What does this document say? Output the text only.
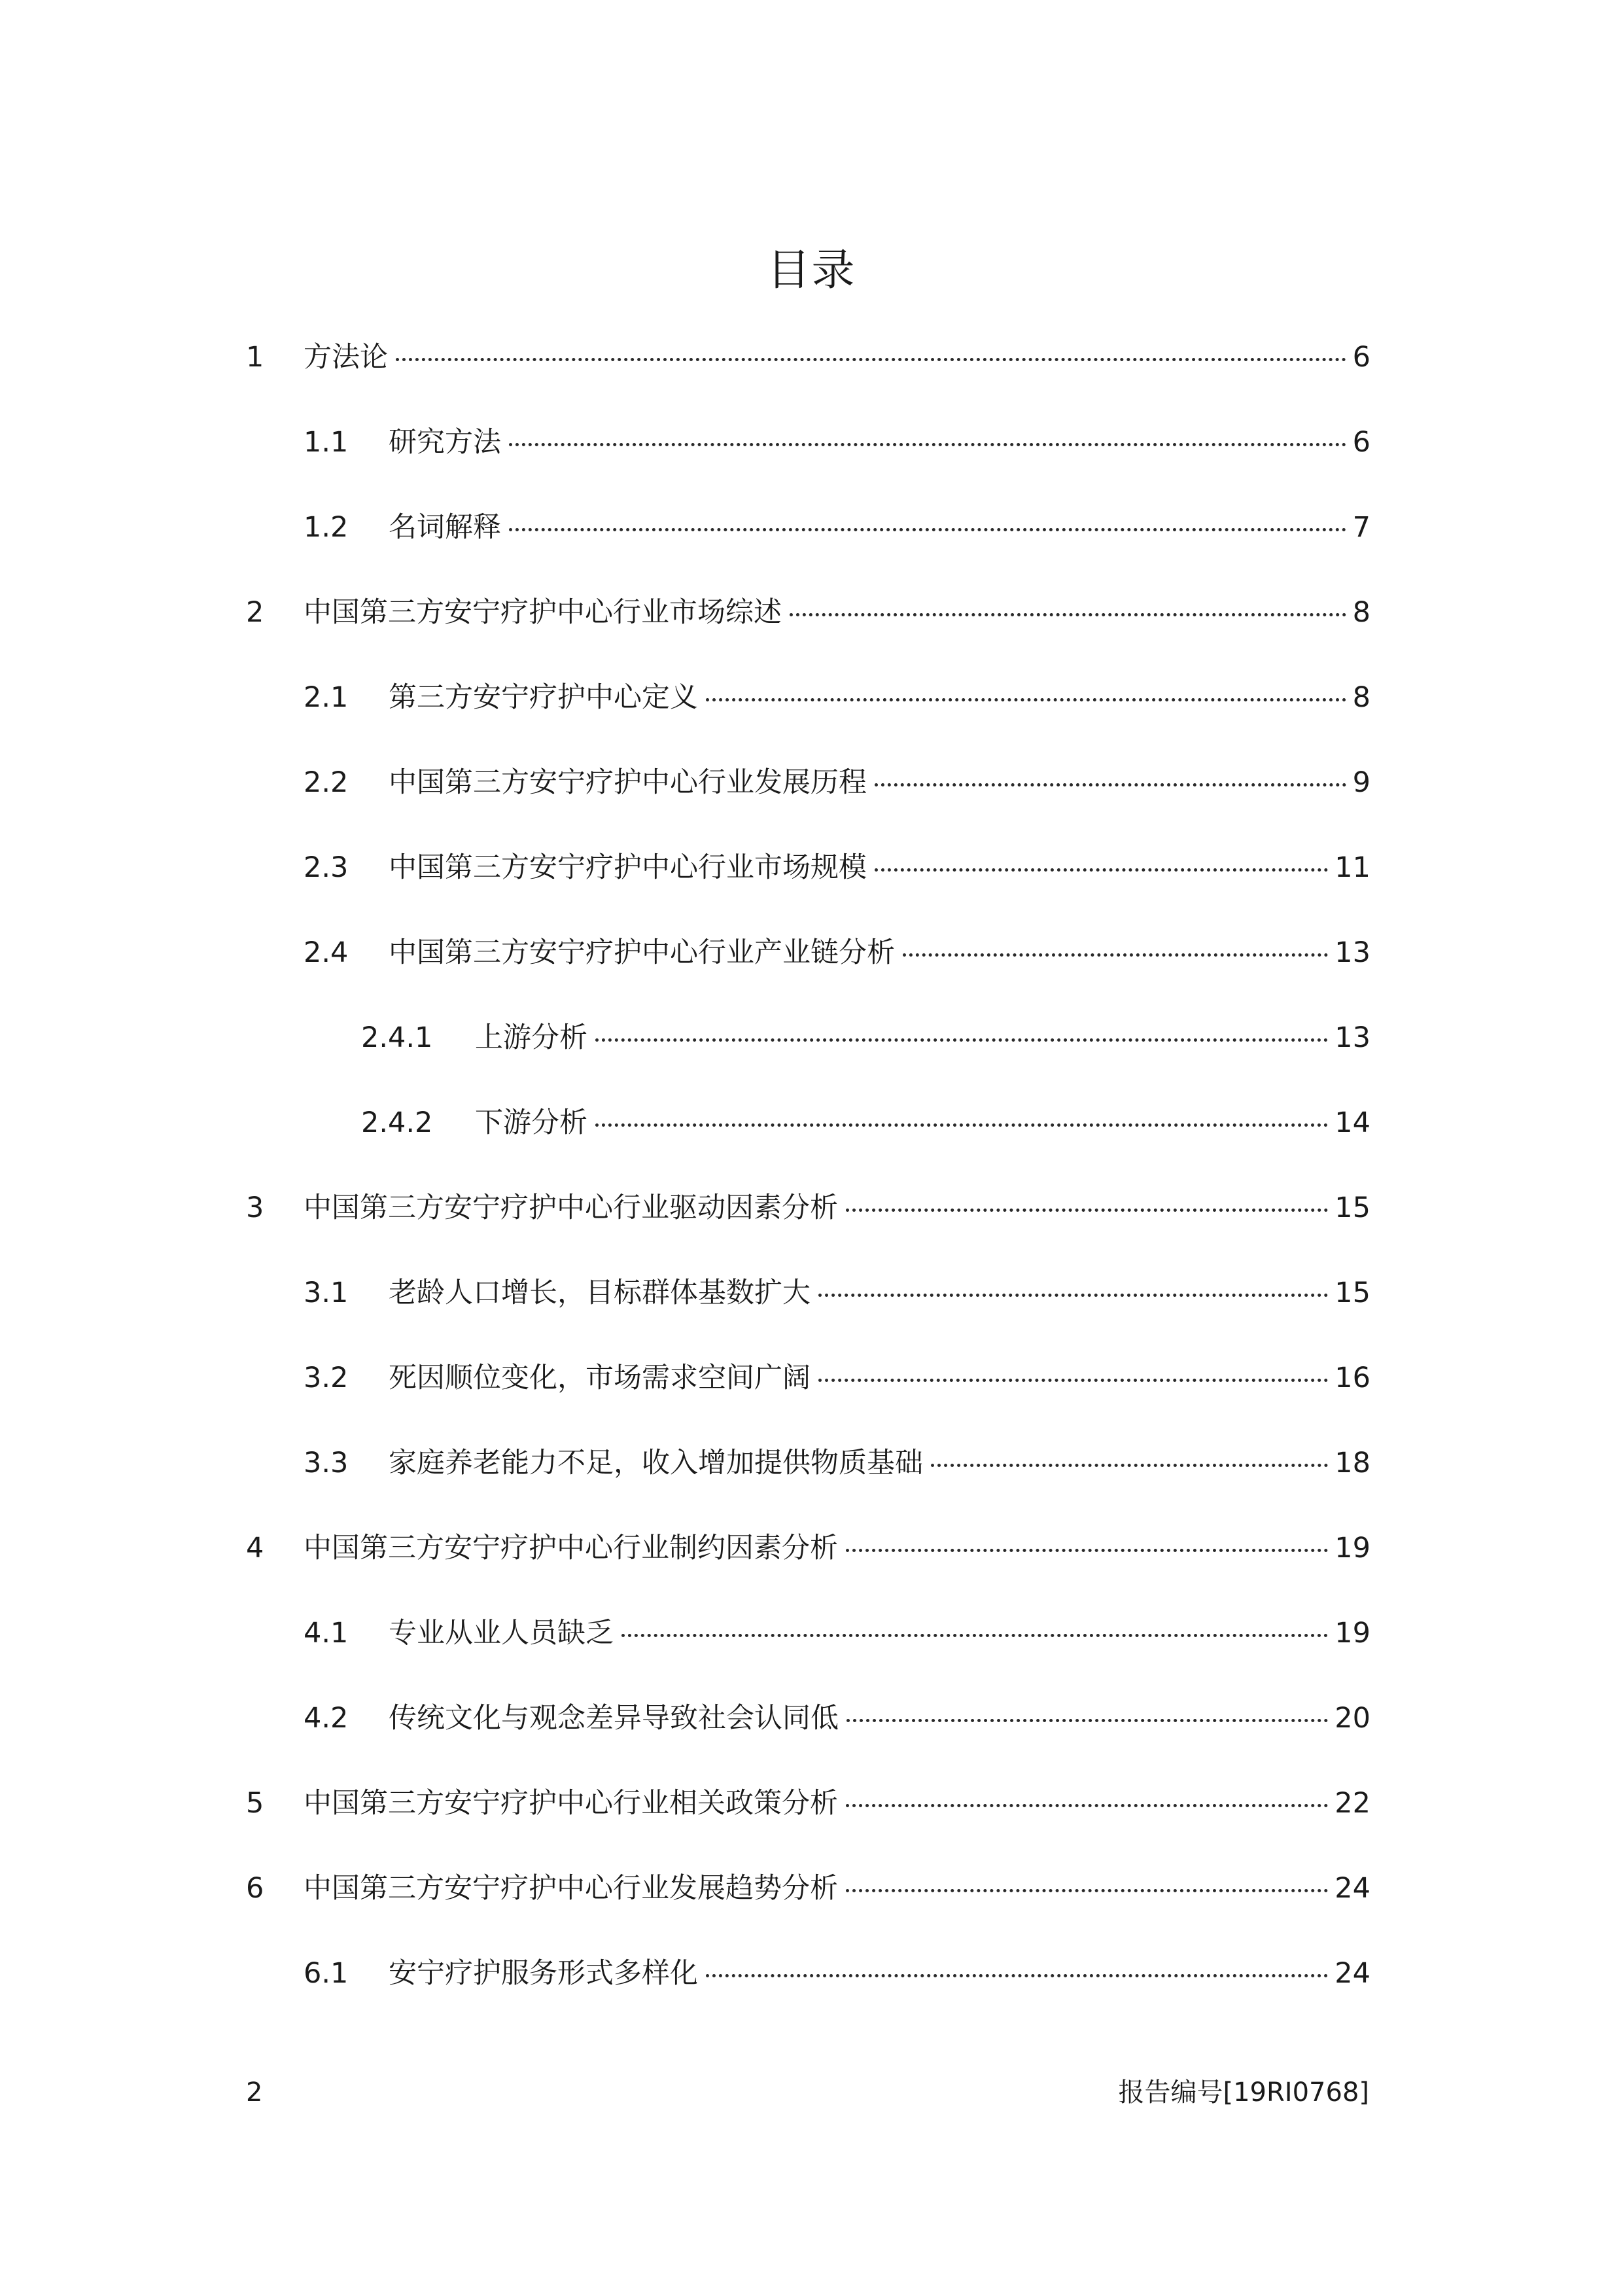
目录
1 方法论	6
1.1 研究方法	6
1.2 名词解释	7
2 中国第三方安宁疗护中心行业市场综述	8
2.1 第三方安宁疗护中心定义	8
2.2 中国第三方安宁疗护中心行业发展历程	9
2.3 中国第三方安宁疗护中心行业市场规模	11
2.4 中国第三方安宁疗护中心行业产业链分析	13
2.4.1 上游分析	13
2.4.2 下游分析	14
3 中国第三方安宁疗护中心行业驱动因素分析	15
3.1 老龄人口增长，目标群体基数扩大	15
3.2 死因顺位变化，市场需求空间广阔	16
3.3 家庭养老能力不足，收入增加提供物质基础	18
4 中国第三方安宁疗护中心行业制约因素分析	19
4.1 专业从业人员缺乏	19
4.2 传统文化与观念差异导致社会认同低	20
5 中国第三方安宁疗护中心行业相关政策分析	22
6 中国第三方安宁疗护中心行业发展趋势分析	24
6.1 安宁疗护服务形式多样化	24
2	报告编号[19RI0768]
